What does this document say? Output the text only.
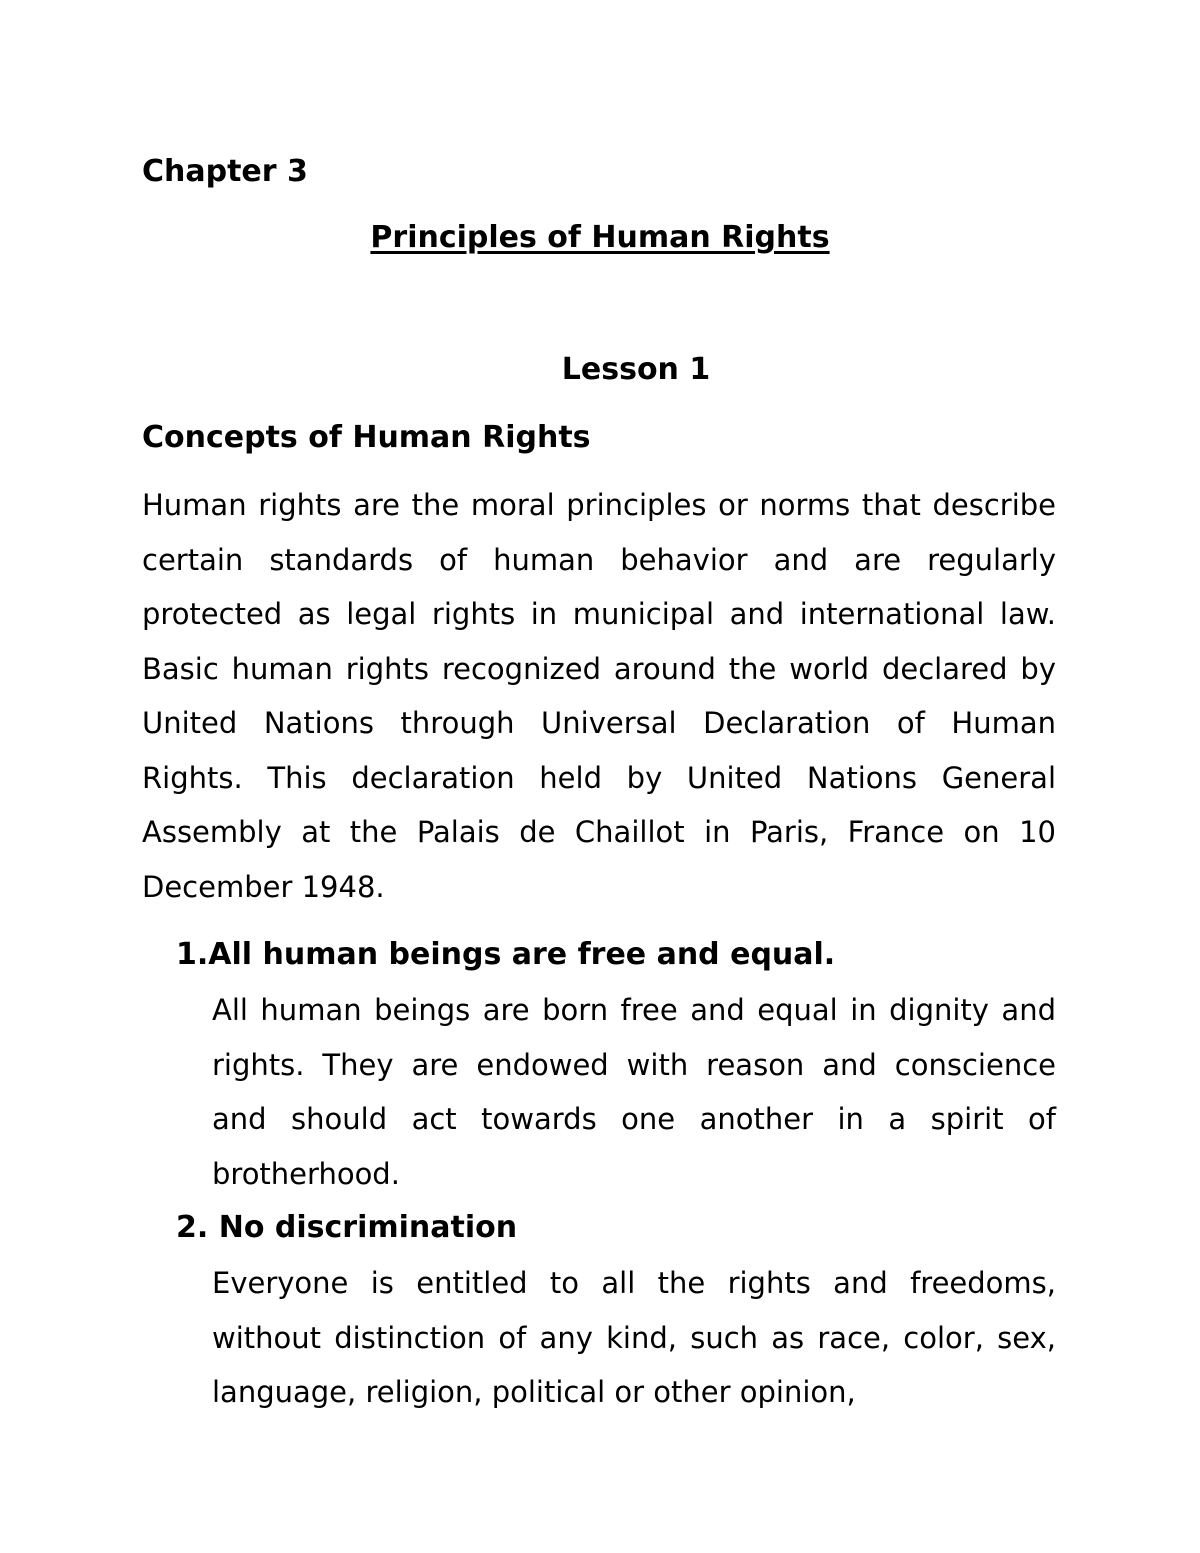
Chapter 3
Principles of Human Rights
Lesson 1
Concepts of Human Rights

Human rights are the moral principles or norms that describe certain standards of human behavior and are regularly protected as legal rights in municipal and international law. Basic human rights recognized around the world declared by United Nations through Universal Declaration of Human Rights. This declaration held by United Nations General Assembly at the Palais de Chaillot in Paris, France on 10 December 1948.

1.All human beings are free and equal.

All human beings are born free and equal in dignity and rights. They are endowed with reason and conscience and should act towards one another in a spirit of brotherhood.

2. No discrimination

Everyone is entitled to all the rights and freedoms, without distinction of any kind, such as race, color, sex, language, religion, political or other opinion,
